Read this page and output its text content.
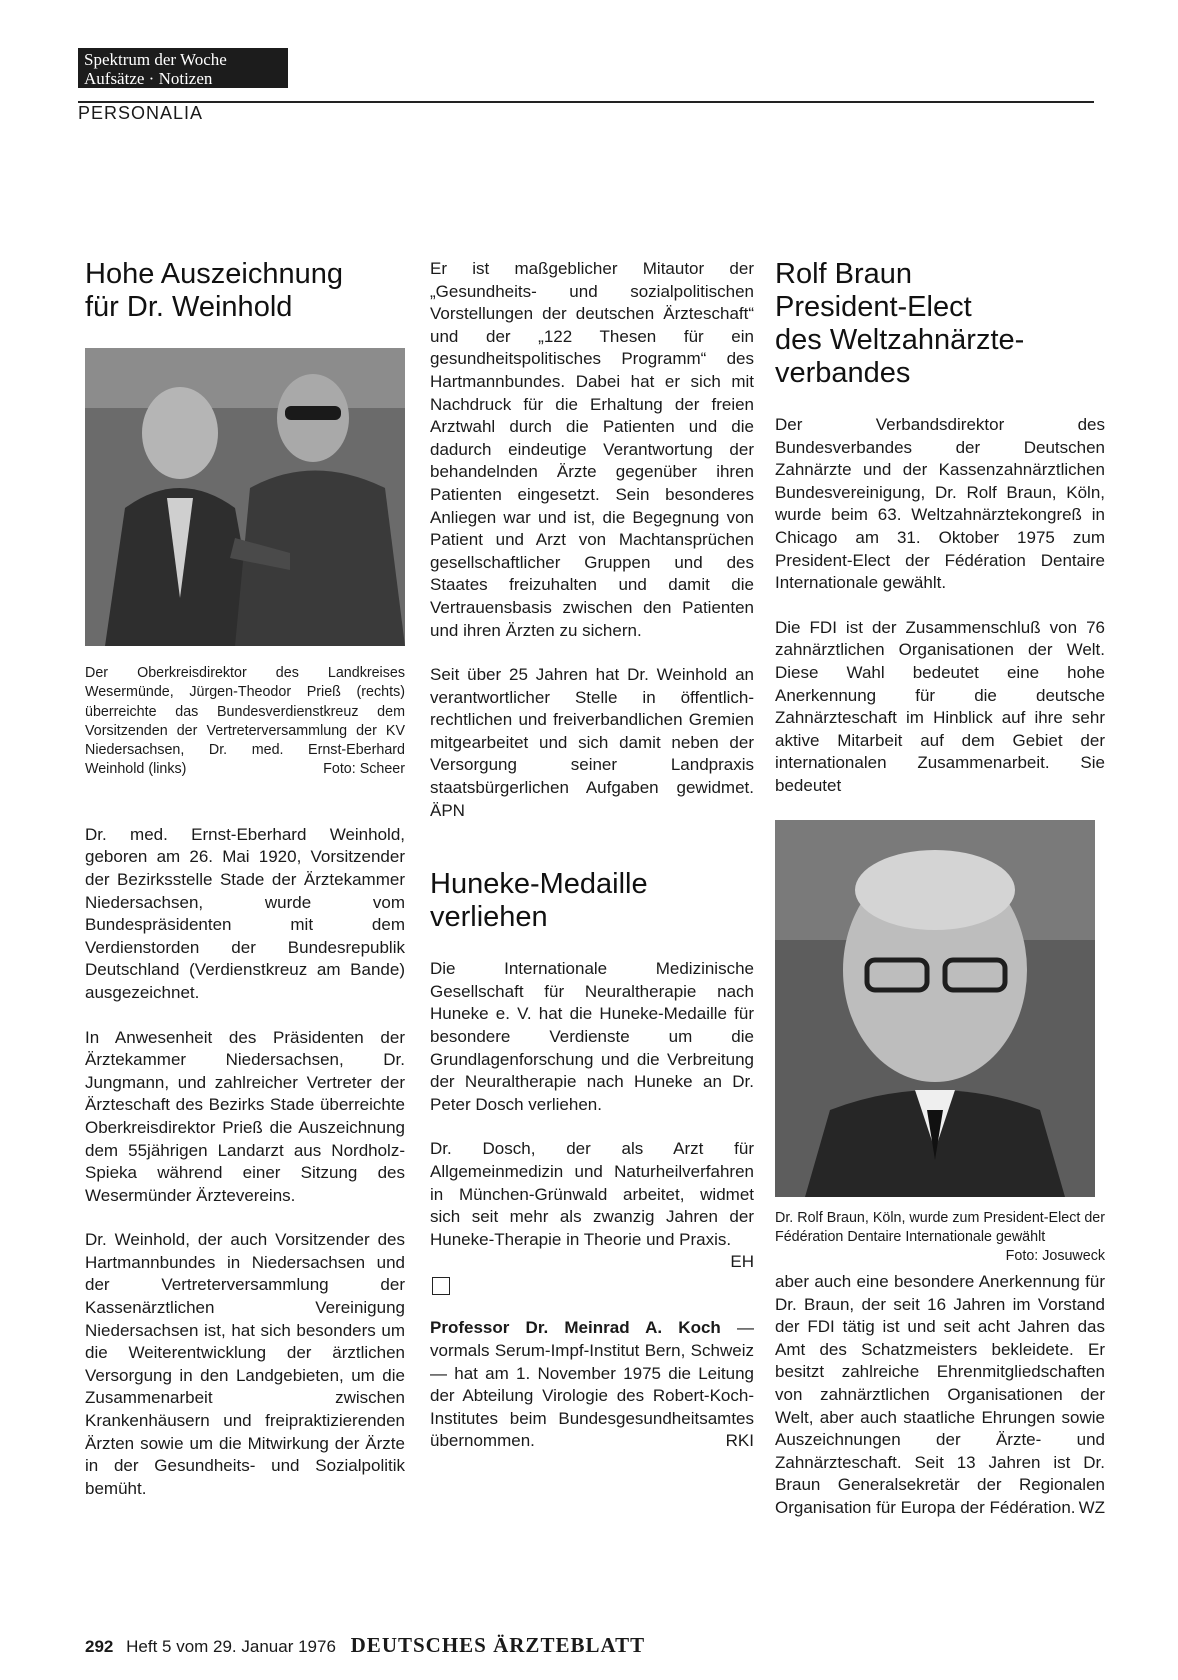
Spektrum der Woche
Aufsätze · Notizen
PERSONALIA
Hohe Auszeichnung
für Dr. Weinhold

Der Oberkreisdirektor des Landkreises Wesermünde, Jürgen-Theodor Prieß (rechts) überreichte das Bundesverdienstkreuz dem Vorsitzenden der Vertreterversammlung der KV Niedersachsen, Dr. med. Ernst-Eberhard Weinhold (links)	Foto: Scheer

Dr. med. Ernst-Eberhard Weinhold, geboren am 26. Mai 1920, Vorsitzender der Bezirksstelle Stade der Ärztekammer Niedersachsen, wurde vom Bundespräsidenten mit dem Verdienstorden der Bundesrepublik Deutschland (Verdienstkreuz am Bande) ausgezeichnet.

In Anwesenheit des Präsidenten der Ärztekammer Niedersachsen, Dr. Jungmann, und zahlreicher Vertreter der Ärzteschaft des Bezirks Stade überreichte Oberkreisdirektor Prieß die Auszeichnung dem 55jährigen Landarzt aus Nordholz-Spieka während einer Sitzung des Wesermünder Ärztevereins.

Dr. Weinhold, der auch Vorsitzender des Hartmannbundes in Niedersachsen und der Vertreterversammlung der Kassenärztlichen Vereinigung Niedersachsen ist, hat sich besonders um die Weiterentwicklung der ärztlichen Versorgung in den Landgebieten, um die Zusammenarbeit zwischen Krankenhäusern und freipraktizierenden Ärzten sowie um die Mitwirkung der Ärzte in der Gesundheits- und Sozialpolitik bemüht.

Er ist maßgeblicher Mitautor der „Gesundheits- und sozialpolitischen Vorstellungen der deutschen Ärzteschaft“ und der „122 Thesen für ein gesundheitspolitisches Programm“ des Hartmannbundes. Dabei hat er sich mit Nachdruck für die Erhaltung der freien Arztwahl durch die Patienten und die dadurch eindeutige Verantwortung der behandelnden Ärzte gegenüber ihren Patienten eingesetzt. Sein besonderes Anliegen war und ist, die Begegnung von Patient und Arzt von Machtansprüchen gesellschaftlicher Gruppen und des Staates freizuhalten und damit die Vertrauensbasis zwischen den Patienten und ihren Ärzten zu sichern.

Seit über 25 Jahren hat Dr. Weinhold an verantwortlicher Stelle in öffentlich-rechtlichen und freiverbandlichen Gremien mitgearbeitet und sich damit neben der Versorgung seiner Landpraxis staatsbürgerlichen Aufgaben gewidmet. ÄPN

Huneke-Medaille
verliehen

Die Internationale Medizinische Gesellschaft für Neuraltherapie nach Huneke e. V. hat die Huneke-Medaille für besondere Verdienste um die Grundlagenforschung und die Verbreitung der Neuraltherapie nach Huneke an Dr. Peter Dosch verliehen.

Dr. Dosch, der als Arzt für Allgemeinmedizin und Naturheilverfahren in München-Grünwald arbeitet, widmet sich seit mehr als zwanzig Jahren der Huneke-Therapie in Theorie und Praxis.
EH

Professor Dr. Meinrad A. Koch — vormals Serum-Impf-Institut Bern, Schweiz — hat am 1. November 1975 die Leitung der Abteilung Virologie des Robert-Koch-Institutes beim Bundesgesundheitsamtes übernommen.	RKI

Rolf Braun
President-Elect
des Weltzahnärzte-
verbandes

Der Verbandsdirektor des Bundesverbandes der Deutschen Zahnärzte und der Kassenzahnärztlichen Bundesvereinigung, Dr. Rolf Braun, Köln, wurde beim 63. Weltzahnärztekongreß in Chicago am 31. Oktober 1975 zum President-Elect der Fédération Dentaire Internationale gewählt.

Die FDI ist der Zusammenschluß von 76 zahnärztlichen Organisationen der Welt. Diese Wahl bedeutet eine hohe Anerkennung für die deutsche Zahnärzteschaft im Hinblick auf ihre sehr aktive Mitarbeit auf dem Gebiet der internationalen Zusammenarbeit. Sie bedeutet

Dr. Rolf Braun, Köln, wurde zum President-Elect der Fédération Dentaire Internationale gewählt
Foto: Josuweck

aber auch eine besondere Anerkennung für Dr. Braun, der seit 16 Jahren im Vorstand der FDI tätig ist und seit acht Jahren das Amt des Schatzmeisters bekleidete. Er besitzt zahlreiche Ehrenmitgliedschaften von zahnärztlichen Organisationen der Welt, aber auch staatliche Ehrungen sowie Auszeichnungen der Ärzte- und Zahnärzteschaft. Seit 13 Jahren ist Dr. Braun Generalsekretär der Regionalen Organisation für Europa der Fédération. WZ

292 Heft 5 vom 29. Januar 1976 DEUTSCHES ÄRZTEBLATT
